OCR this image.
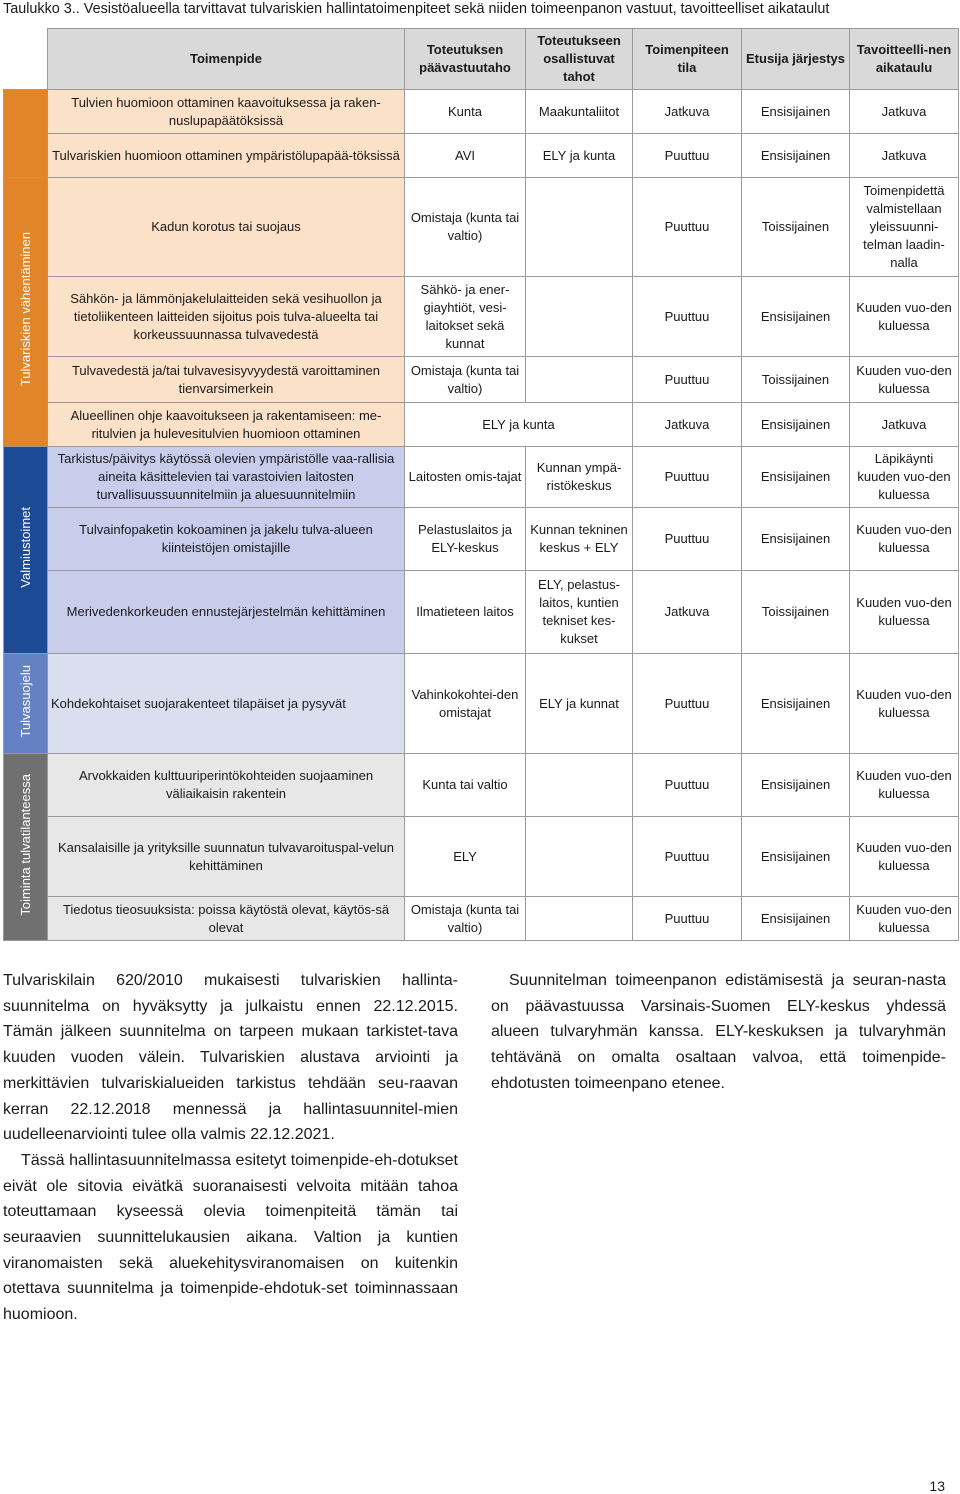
Taulukko 3.. Vesistöalueella tarvittavat tulvariskien hallintatoimenpiteet sekä niiden toimeenpanon vastuut, tavoitteelliset aikataulut
	Toimenpide	Toteutuksen päävastuutaho	Toteutukseen osallistuvat tahot	Toimenpiteen tila	Etusija järjestys	Tavoitteelli-nen aikataulu
	Tulvien huomioon ottaminen kaavoituksessa ja raken-nuslupapäätöksissä	Kunta	Maakuntaliitot	Jatkuva	Ensisijainen	Jatkuva
	Tulvariskien huomioon ottaminen ympäristölupapää-töksissä	AVI	ELY ja kunta	Puuttuu	Ensisijainen	Jatkuva
Tulvariskien vähentäminen	Kadun korotus tai suojaus	Omistaja (kunta tai valtio)		Puuttuu	Toissijainen	Toimenpidettä valmistellaan yleissuunni-telman laadin-nalla
	Sähkön- ja lämmönjakelulaitteiden sekä vesihuollon ja tietoliikenteen laitteiden sijoitus pois tulva-alueelta tai korkeussuunnassa tulvavedestä	Sähkö- ja ener-giayhtiöt, vesi-laitokset sekä kunnat		Puuttuu	Ensisijainen	Kuuden vuo-den kuluessa
	Tulvavedestä ja/tai tulvavesisyvyydestä varoittaminen tienvarsimerkein	Omistaja (kunta tai valtio)		Puuttuu	Toissijainen	Kuuden vuo-den kuluessa
	Alueellinen ohje kaavoitukseen ja rakentamiseen: me-ritulvien ja hulevesitulvien huomioon ottaminen	ELY ja kunta		Jatkuva	Ensisijainen	Jatkuva
Valmiustoimet	Tarkistus/päivitys käytössä olevien ympäristölle vaa-rallisia aineita käsittelevien tai varastoivien laitosten turvallisuussuunnitelmiin ja aluesuunnitelmiin	Laitosten omis-tajat	Kunnan ympä-ristökeskus	Puuttuu	Ensisijainen	Läpikäynti kuuden vuo-den kuluessa
	Tulvainfopaketin kokoaminen ja jakelu tulva-alueen kiinteistöjen omistajille	Pelastuslaitos ja ELY-keskus	Kunnan tekninen keskus + ELY	Puuttuu	Ensisijainen	Kuuden vuo-den kuluessa
	Merivedenkorkeuden ennustejärjestelmän kehittäminen	Ilmatieteen laitos	ELY, pelastus-laitos, kuntien tekniset kes-kukset	Jatkuva	Toissijainen	Kuuden vuo-den kuluessa
Tulvasuojelu	Kohdekohtaiset suojarakenteet tilapäiset ja pysyvät	Vahinkokohtei-den omistajat	ELY ja kunnat	Puuttuu	Ensisijainen	Kuuden vuo-den kuluessa
Toiminta tulvatilanteessa	Arvokkaiden kulttuuriperintökohteiden suojaaminen väliaikaisin rakentein	Kunta tai valtio		Puuttuu	Ensisijainen	Kuuden vuo-den kuluessa
	Kansalaisille ja yrityksille suunnatun tulvavaroituspal-velun kehittäminen	ELY		Puuttuu	Ensisijainen	Kuuden vuo-den kuluessa
	Tiedotus tieosuuksista: poissa käytöstä olevat, käytös-sä olevat	Omistaja (kunta tai valtio)		Puuttuu	Ensisijainen	Kuuden vuo-den kuluessa

Tulvariskilain 620/2010 mukaisesti tulvariskien hallinta-suunnitelma on hyväksytty ja julkaistu ennen 22.12.2015. Tämän jälkeen suunnitelma on tarpeen mukaan tarkistet-tava kuuden vuoden välein. Tulvariskien alustava arviointi ja merkittävien tulvariskialueiden tarkistus tehdään seu-raavan kerran 22.12.2018 mennessä ja hallintasuunnitel-mien uudelleenarviointi tulee olla valmis 22.12.2021.

Tässä hallintasuunnitelmassa esitetyt toimenpide-eh-dotukset eivät ole sitovia eivätkä suoranaisesti velvoita mitään tahoa toteuttamaan kyseessä olevia toimenpiteitä tämän tai seuraavien suunnittelukausien aikana. Valtion ja kuntien viranomaisten sekä aluekehitysviranomaisen on kuitenkin otettava suunnitelma ja toimenpide-ehdotuk-set toiminnassaan huomioon.

Suunnitelman toimeenpanon edistämisestä ja seuran-nasta on päävastuussa Varsinais-Suomen ELY-keskus yhdessä alueen tulvaryhmän kanssa. ELY-keskuksen ja tulvaryhmän tehtävänä on omalta osaltaan valvoa, että toimenpide-ehdotusten toimeenpano etenee.

13
